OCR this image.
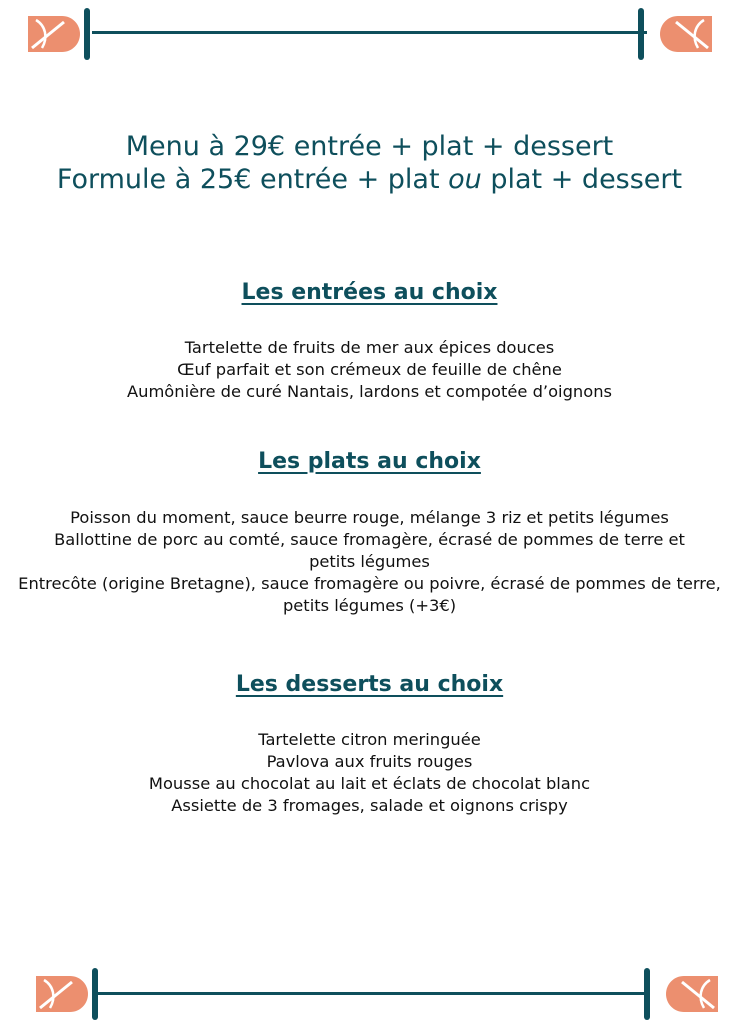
Menu à 29€ entrée + plat + dessert
Formule à 25€ entrée + plat ou plat + dessert
Les entrées au choix
Tartelette de fruits de mer aux épices douces
Œuf parfait et son crémeux de feuille de chêne
Aumônière de curé Nantais, lardons et compotée d’oignons
Les plats au choix
Poisson du moment, sauce beurre rouge, mélange 3 riz et petits légumes
Ballottine de porc au comté, sauce fromagère, écrasé de pommes de terre et petits légumes
Entrecôte (origine Bretagne), sauce fromagère ou poivre, écrasé de pommes de terre, petits légumes (+3€)
Les desserts au choix
Tartelette citron meringuée
Pavlova aux fruits rouges
Mousse au chocolat au lait et éclats de chocolat blanc
Assiette de 3 fromages, salade et oignons crispy
